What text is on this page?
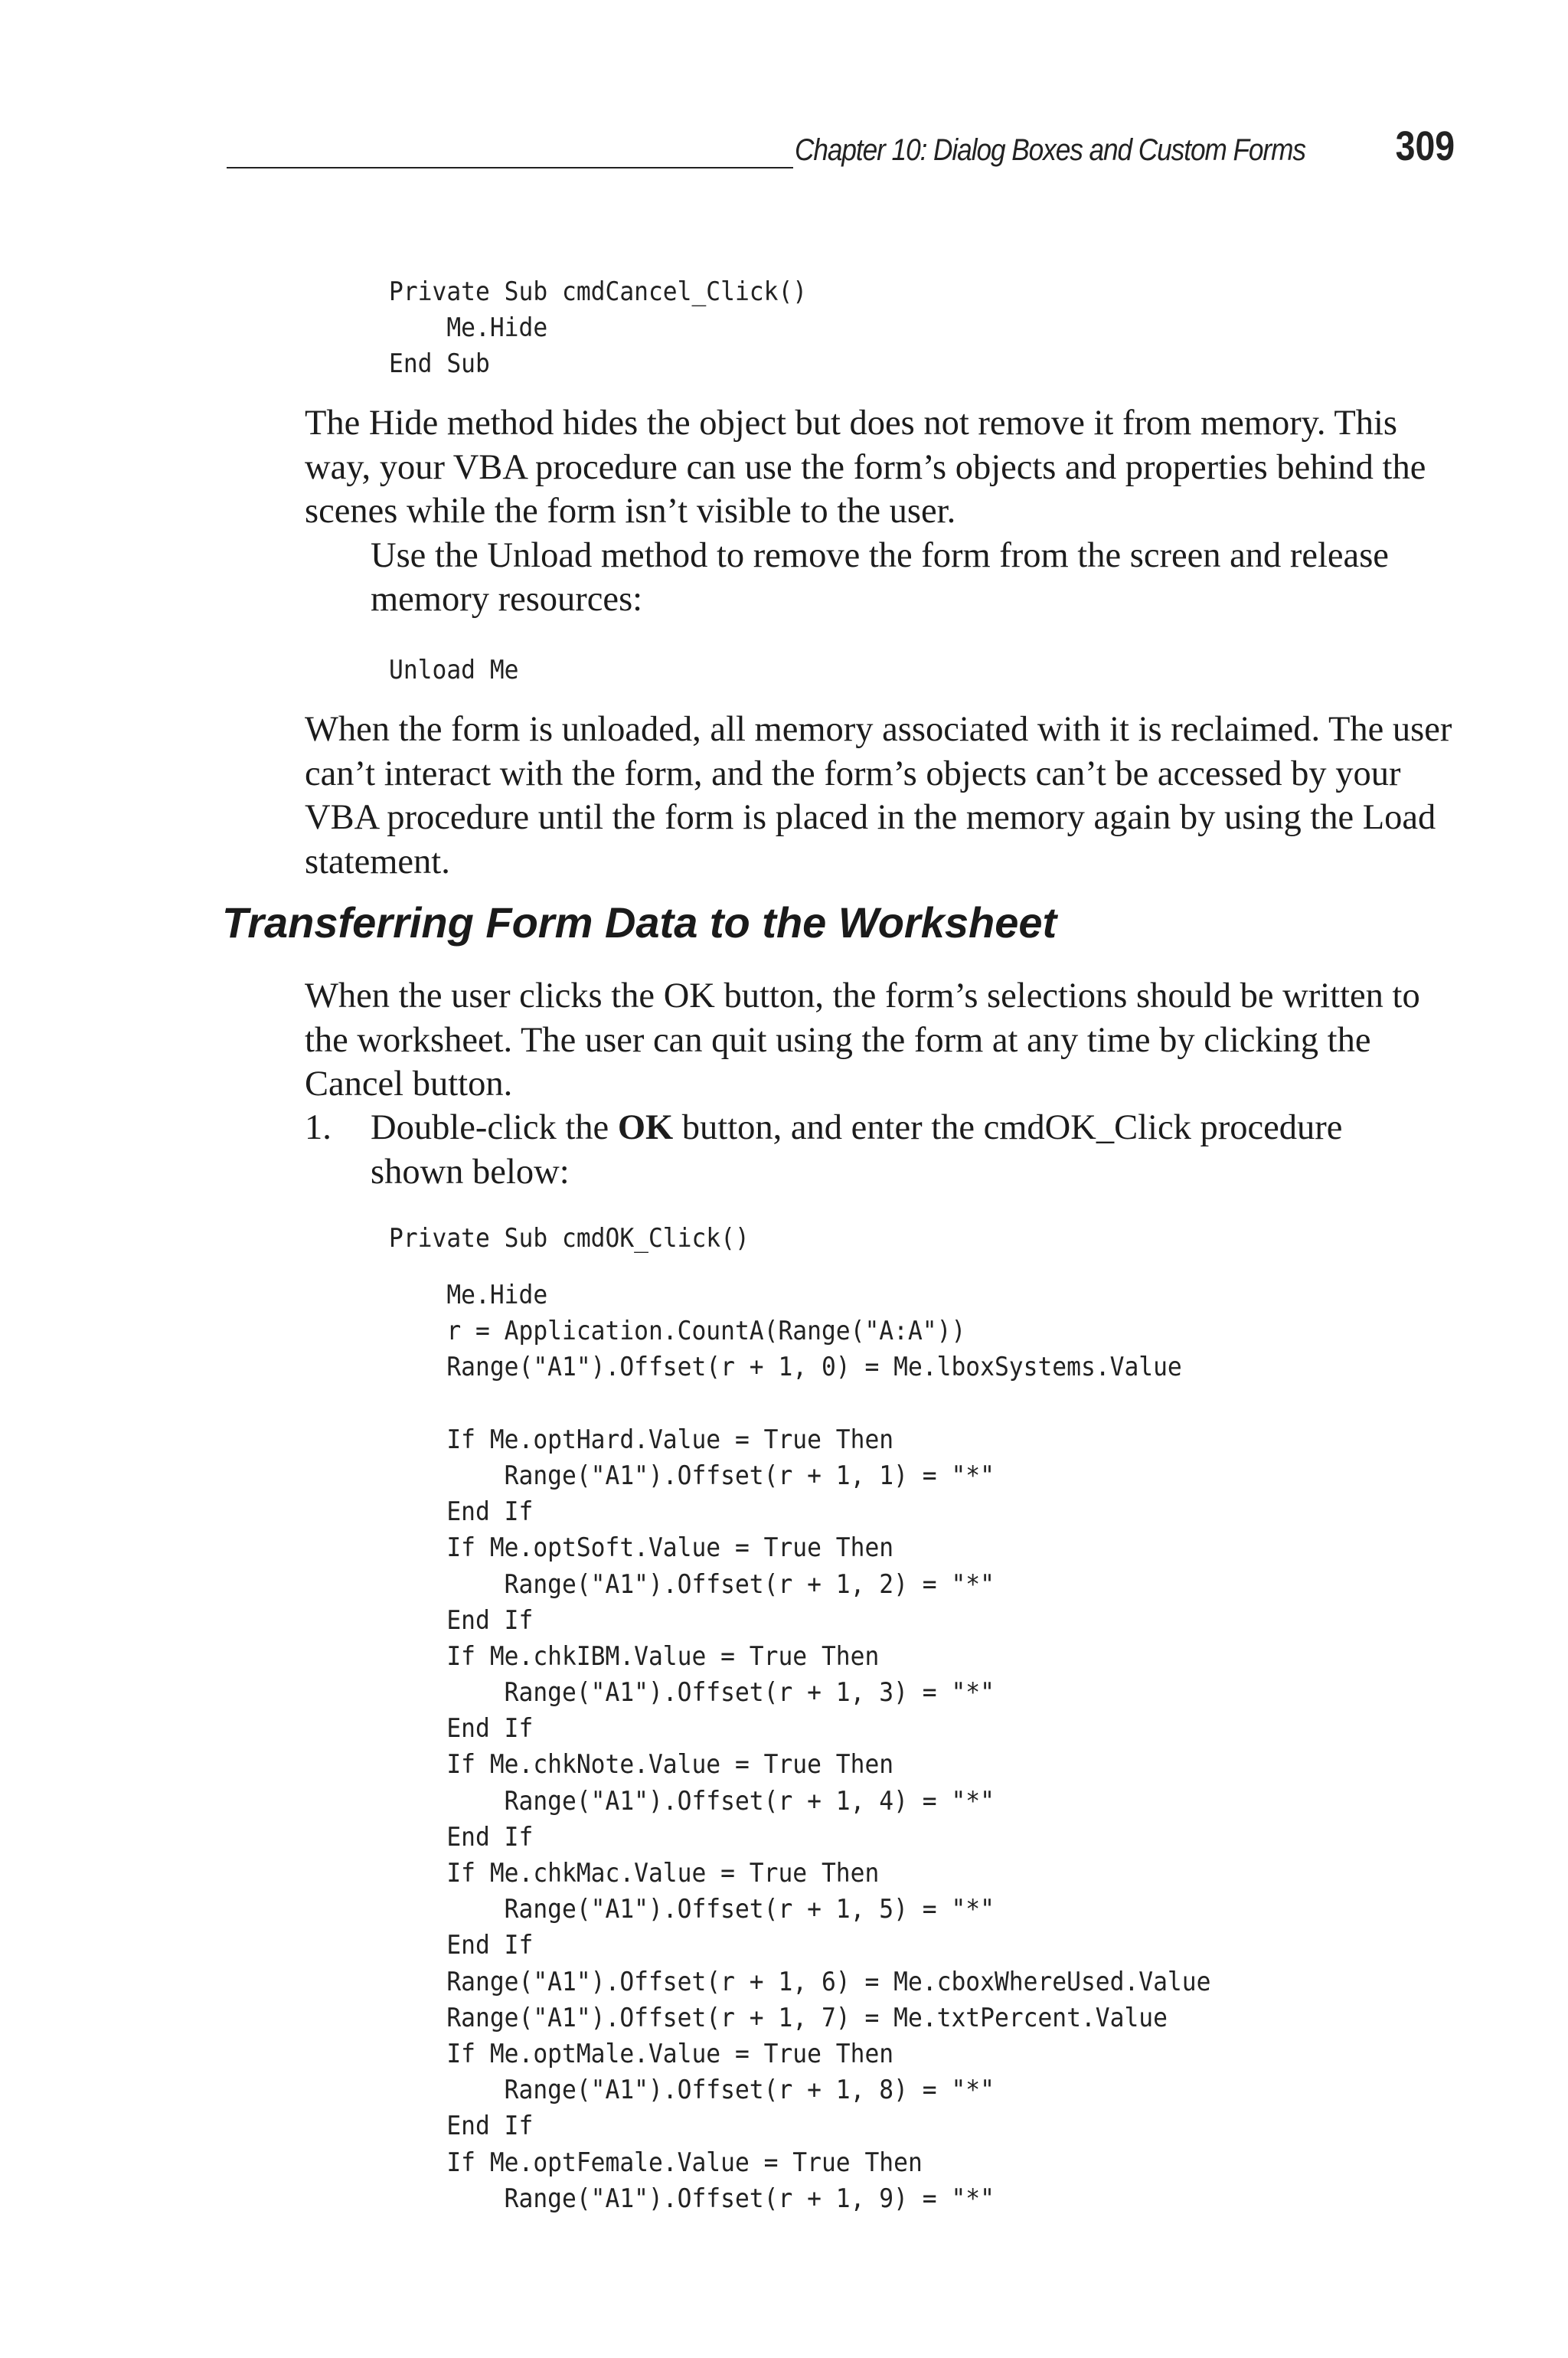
Chapter 10: Dialog Boxes and Custom Forms 309
Private Sub cmdCancel_Click()
Me.Hide
End Sub

The Hide method hides the object but does not remove it from memory. This way, your VBA procedure can use the form’s objects and properties behind the scenes while the form isn’t visible to the user.

Use the Unload method to remove the form from the screen and release memory resources:

Unload Me

When the form is unloaded, all memory associated with it is reclaimed. The user can’t interact with the form, and the form’s objects can’t be accessed by your VBA procedure until the form is placed in the memory again by using the Load statement.

Transferring Form Data to the Worksheet

When the user clicks the OK button, the form’s selections should be written to the worksheet. The user can quit using the form at any time by clicking the Cancel button.

1. Double-click the OK button, and enter the cmdOK_Click procedure shown below:
Private Sub cmdOK_Click()
Me.Hide
r = Application.CountA(Range("A:A"))
Range("A1").Offset(r + 1, 0) = Me.lboxSystems.Value
If Me.optHard.Value = True Then
Range("A1").Offset(r + 1, 1) = "*"
End If
If Me.optSoft.Value = True Then
Range("A1").Offset(r + 1, 2) = "*"
End If
If Me.chkIBM.Value = True Then
Range("A1").Offset(r + 1, 3) = "*"
End If
If Me.chkNote.Value = True Then
Range("A1").Offset(r + 1, 4) = "*"
End If
If Me.chkMac.Value = True Then
Range("A1").Offset(r + 1, 5) = "*"
End If
Range("A1").Offset(r + 1, 6) = Me.cboxWhereUsed.Value
Range("A1").Offset(r + 1, 7) = Me.txtPercent.Value
If Me.optMale.Value = True Then
Range("A1").Offset(r + 1, 8) = "*"
End If
If Me.optFemale.Value = True Then
Range("A1").Offset(r + 1, 9) = "*"
